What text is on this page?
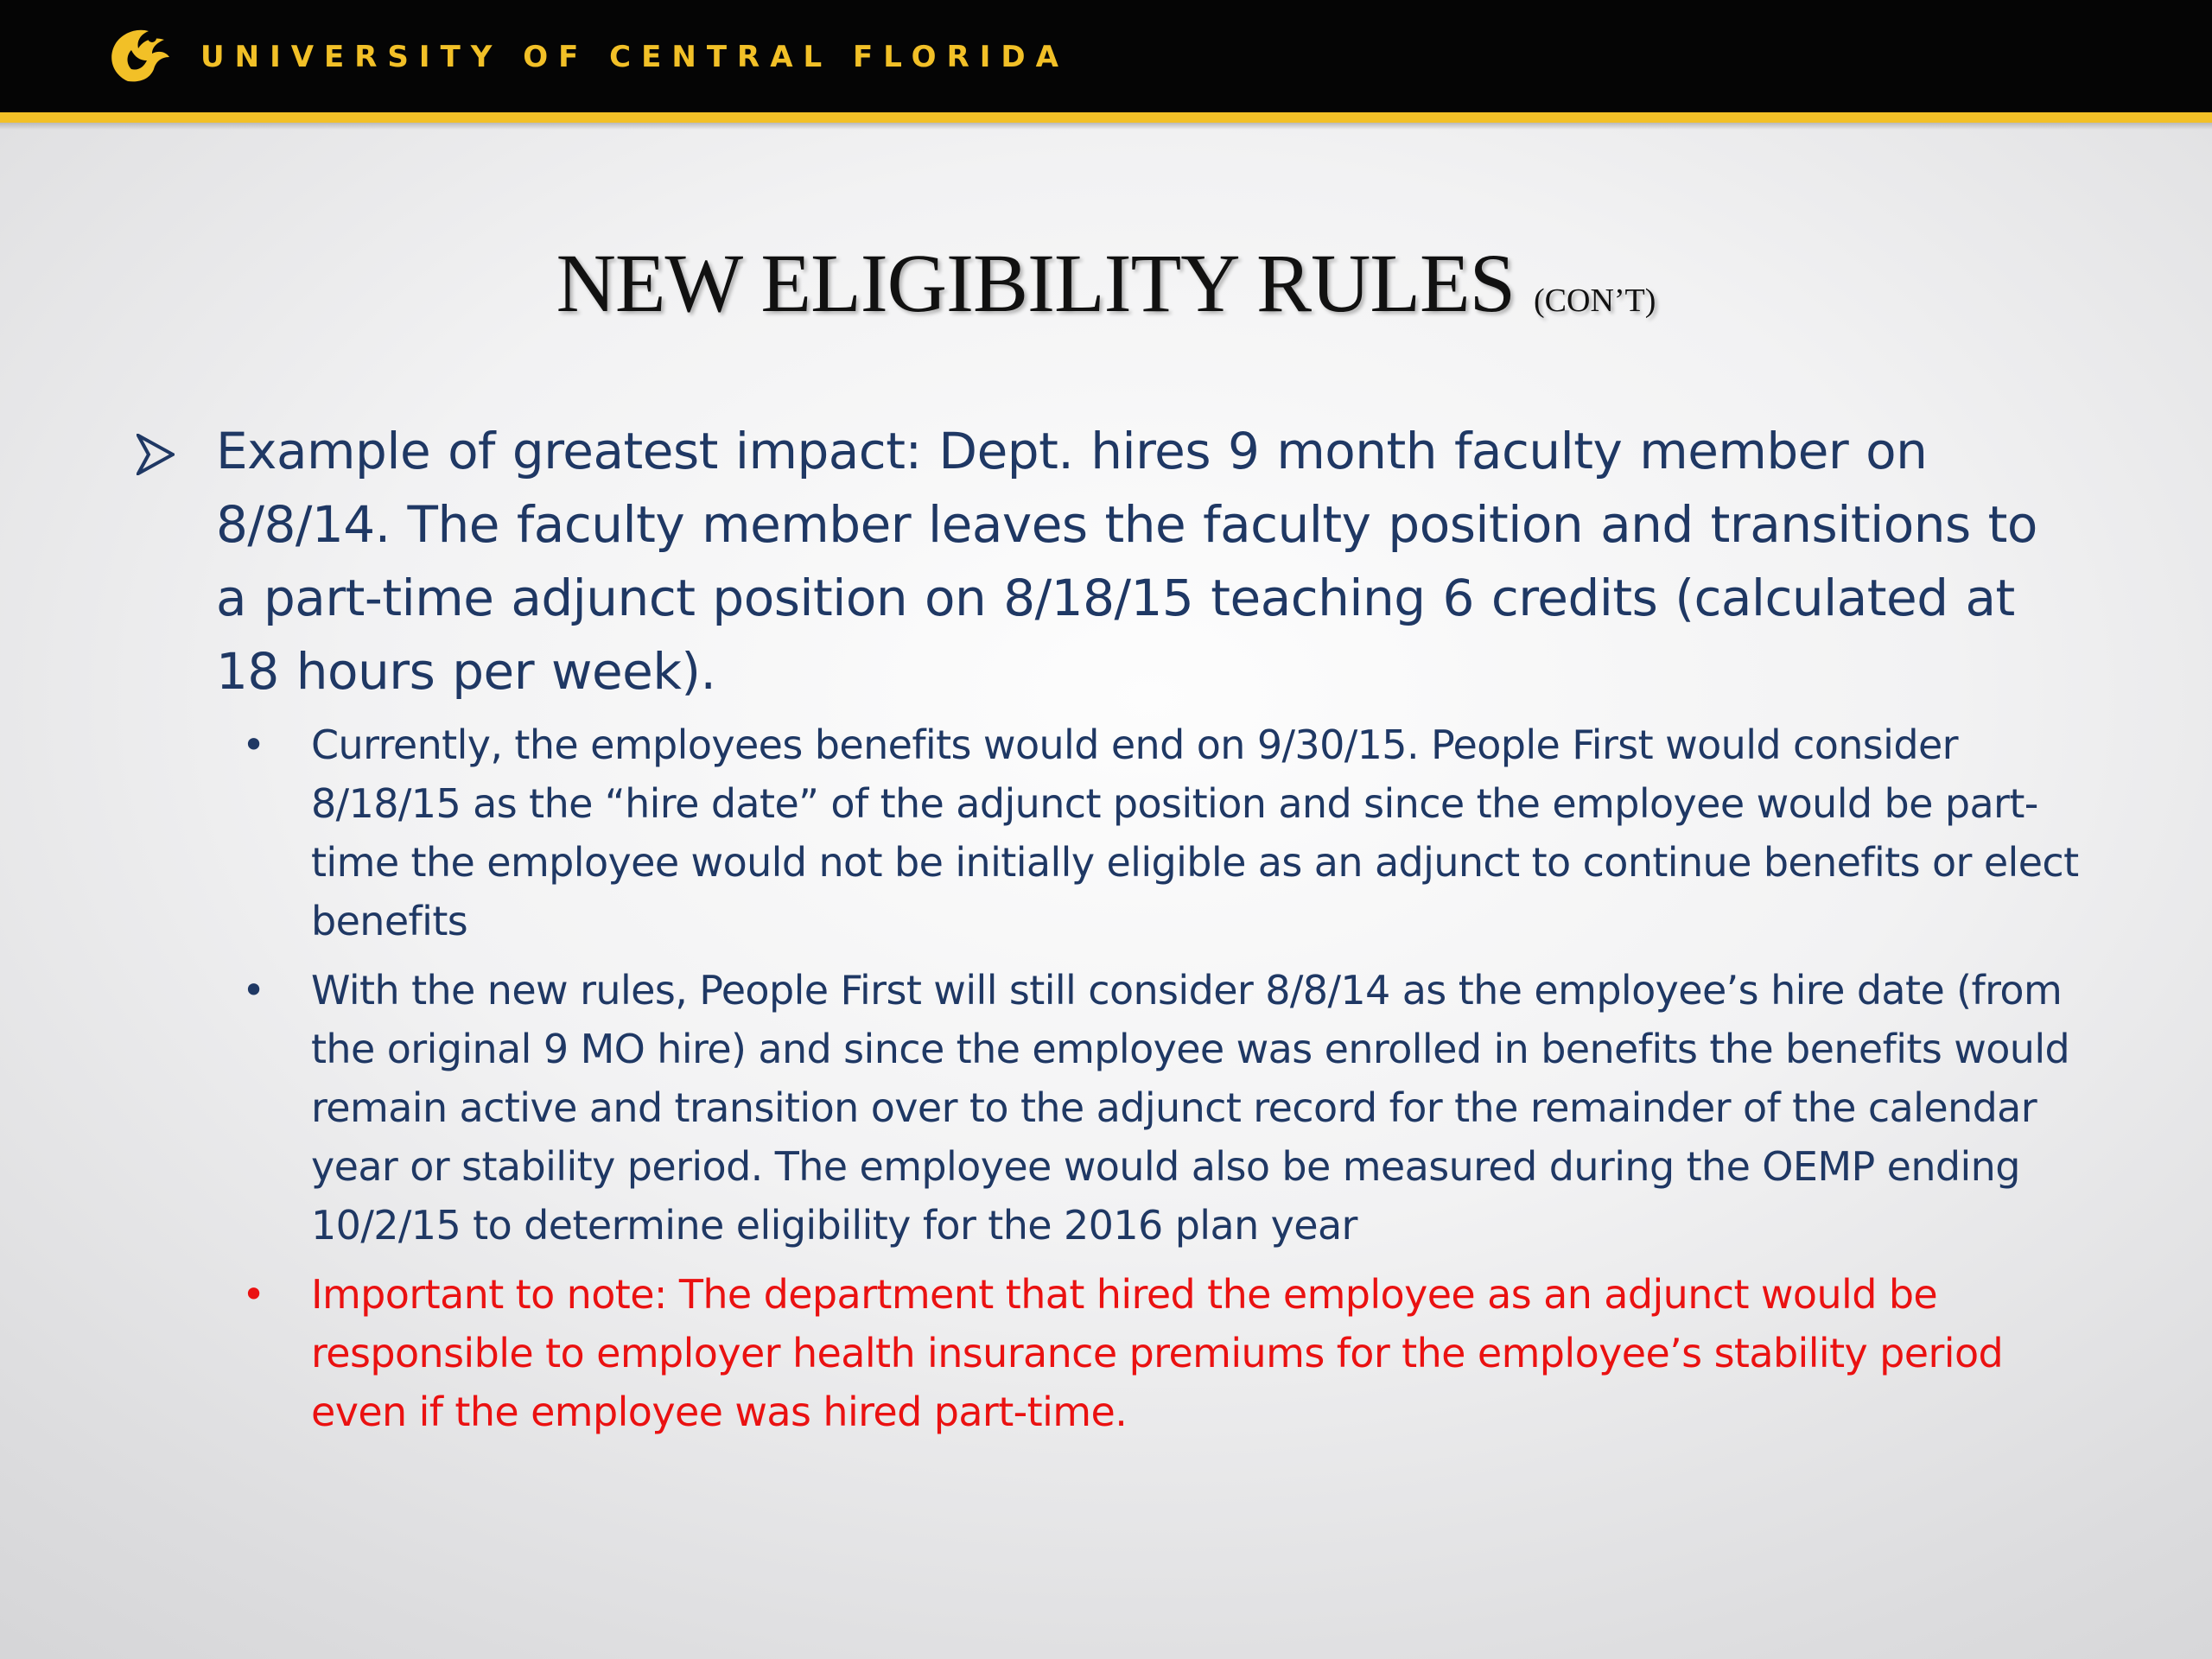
UNIVERSITY OF CENTRAL FLORIDA
NEW ELIGIBILITY RULES (CON’T)
Example of greatest impact: Dept. hires 9 month faculty member on 8/8/14. The faculty member leaves the faculty position and transitions to a part-time adjunct position on 8/18/15 teaching 6 credits (calculated at 18 hours per week).
• Currently, the employees benefits would end on 9/30/15. People First would consider 8/18/15 as the “hire date” of the adjunct position and since the employee would be part-time the employee would not be initially eligible as an adjunct to continue benefits or elect benefits
• With the new rules, People First will still consider 8/8/14 as the employee’s hire date (from the original 9 MO hire) and since the employee was enrolled in benefits the benefits would remain active and transition over to the adjunct record for the remainder of the calendar year or stability period. The employee would also be measured during the OEMP ending 10/2/15 to determine eligibility for the 2016 plan year
• Important to note: The department that hired the employee as an adjunct would be responsible to employer health insurance premiums for the employee’s stability period even if the employee was hired part-time.
